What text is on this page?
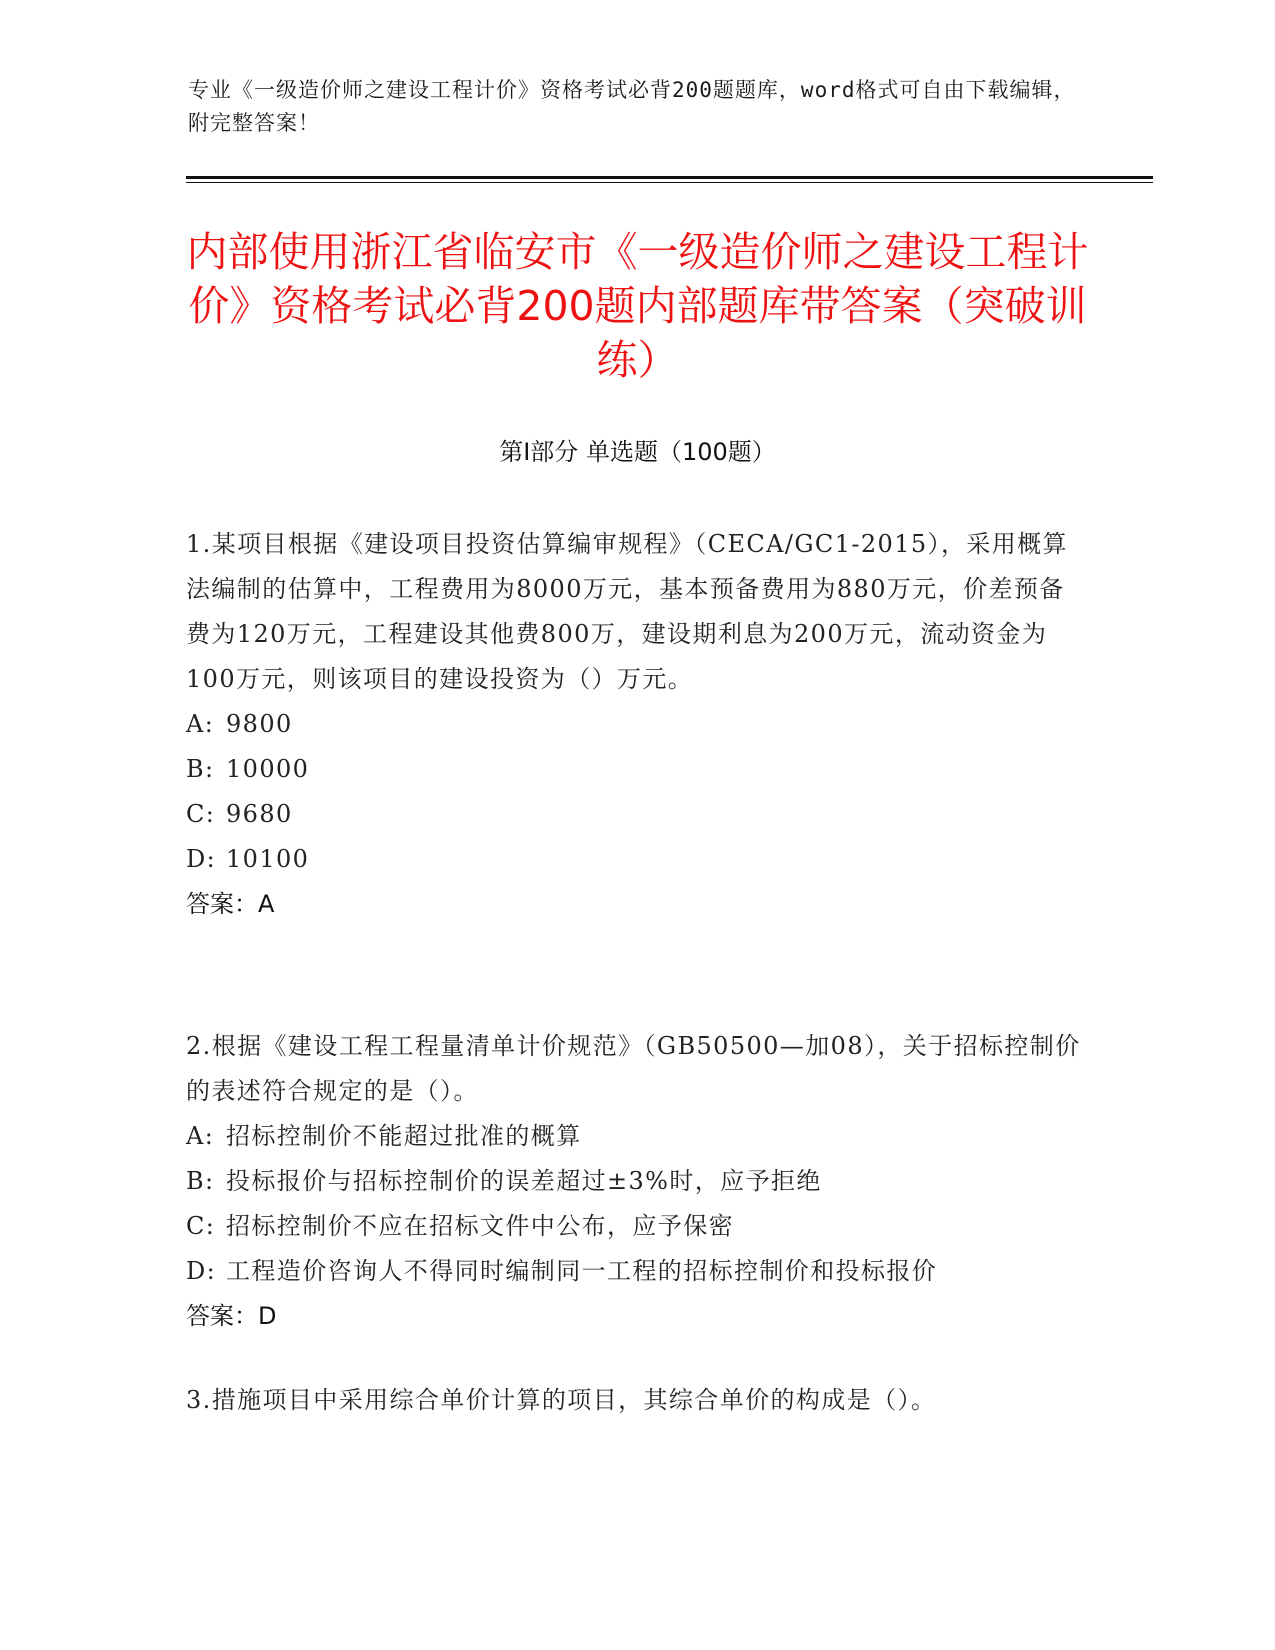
专业《一级造价师之建设工程计价》资格考试必背200题题库，word格式可自由下载编辑，附完整答案！
内部使用浙江省临安市《一级造价师之建设工程计价》资格考试必背200题内部题库带答案（突破训练）
第I部分 单选题（100题）
1.某项目根据《建设项目投资估算编审规程》（CECA/GC1-2015），采用概算法编制的估算中，工程费用为8000万元，基本预备费用为880万元，价差预备费为120万元，工程建设其他费800万，建设期利息为200万元，流动资金为100万元，则该项目的建设投资为（）万元。
A: 9800
B: 10000
C: 9680
D: 10100
答案：A
2.根据《建设工程工程量清单计价规范》（GB50500—加08），关于招标控制价的表述符合规定的是（）。
A: 招标控制价不能超过批准的概算
B: 投标报价与招标控制价的误差超过±3%时，应予拒绝
C: 招标控制价不应在招标文件中公布，应予保密
D: 工程造价咨询人不得同时编制同一工程的招标控制价和投标报价
答案：D
3.措施项目中采用综合单价计算的项目，其综合单价的构成是（）。
